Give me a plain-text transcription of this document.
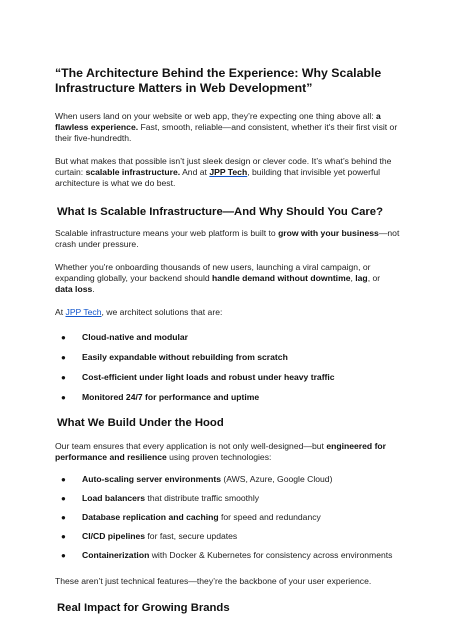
“The Architecture Behind the Experience: Why Scalable Infrastructure Matters in Web Development”

When users land on your website or web app, they’re expecting one thing above all: a flawless experience. Fast, smooth, reliable—and consistent, whether it's their first visit or their five-hundredth.

But what makes that possible isn’t just sleek design or clever code. It’s what’s behind the curtain: scalable infrastructure. And at JPP Tech, building that invisible yet powerful architecture is what we do best.

What Is Scalable Infrastructure—And Why Should You Care?

Scalable infrastructure means your web platform is built to grow with your business—not crash under pressure.

Whether you're onboarding thousands of new users, launching a viral campaign, or expanding globally, your backend should handle demand without downtime, lag, or data loss.

At JPP Tech, we architect solutions that are:

● Cloud-native and modular
● Easily expandable without rebuilding from scratch
● Cost-efficient under light loads and robust under heavy traffic
● Monitored 24/7 for performance and uptime
What We Build Under the Hood

Our team ensures that every application is not only well-designed—but engineered for performance and resilience using proven technologies:

● Auto-scaling server environments (AWS, Azure, Google Cloud)
● Load balancers that distribute traffic smoothly
● Database replication and caching for speed and redundancy
● CI/CD pipelines for fast, secure updates
● Containerization with Docker & Kubernetes for consistency across environments

These aren’t just technical features—they’re the backbone of your user experience.

Real Impact for Growing Brands
